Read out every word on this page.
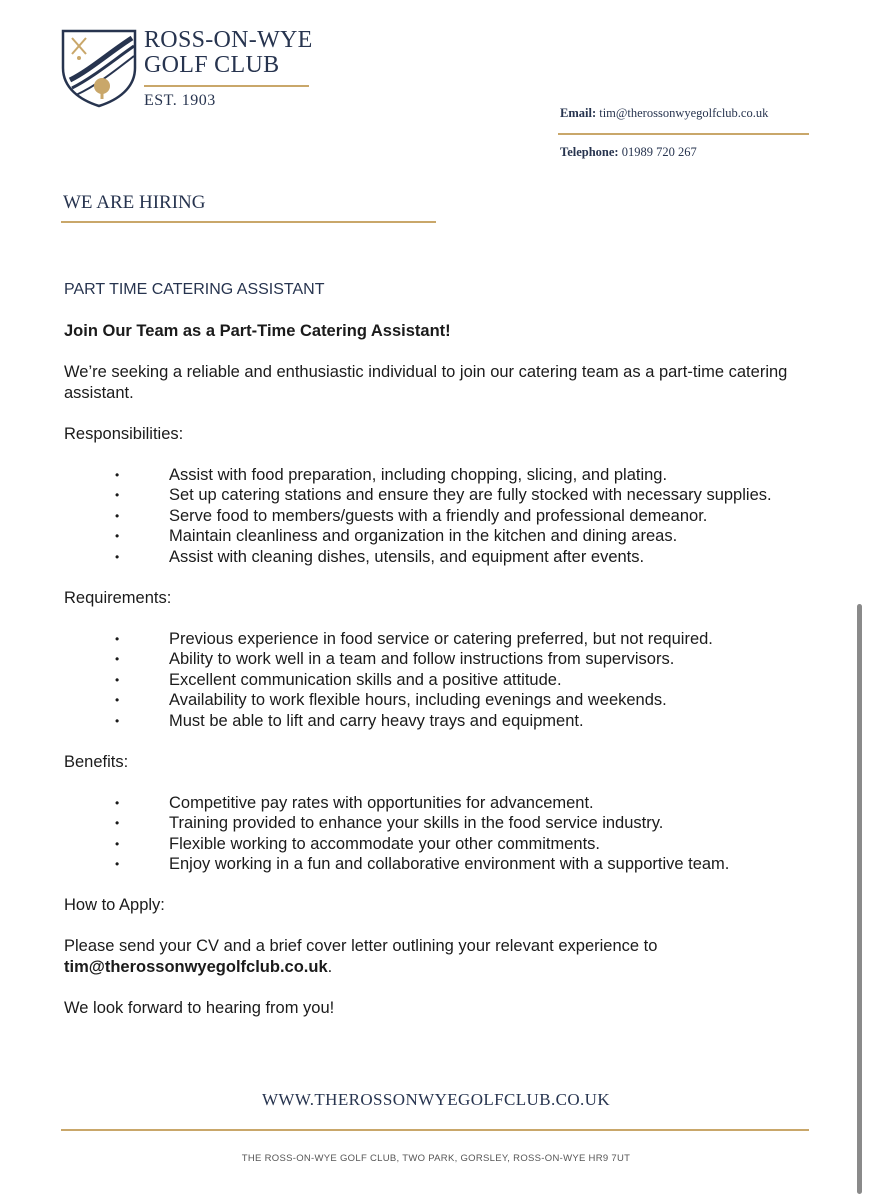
ROSS-ON-WYE
GOLF CLUB
EST. 1903
Email: tim@therossonwyegolfclub.co.uk
Telephone: 01989 720 267
WE ARE HIRING

PART TIME CATERING ASSISTANT

Join Our Team as a Part-Time Catering Assistant!

We’re seeking a reliable and enthusiastic individual to join our catering team as a part-time catering assistant.

Responsibilities:

•	Assist with food preparation, including chopping, slicing, and plating.
•	Set up catering stations and ensure they are fully stocked with necessary supplies.
•	Serve food to members/guests with a friendly and professional demeanor.
•	Maintain cleanliness and organization in the kitchen and dining areas.
•	Assist with cleaning dishes, utensils, and equipment after events.

Requirements:

•	Previous experience in food service or catering preferred, but not required.
•	Ability to work well in a team and follow instructions from supervisors.
•	Excellent communication skills and a positive attitude.
•	Availability to work flexible hours, including evenings and weekends.
•	Must be able to lift and carry heavy trays and equipment.

Benefits:

•	Competitive pay rates with opportunities for advancement.
•	Training provided to enhance your skills in the food service industry.
•	Flexible working to accommodate your other commitments.
•	Enjoy working in a fun and collaborative environment with a supportive team.

How to Apply:

Please send your CV and a brief cover letter outlining your relevant experience to
tim@therossonwyegolfclub.co.uk.

We look forward to hearing from you!

WWW.THEROSSONWYEGOLFCLUB.CO.UK
THE ROSS-ON-WYE GOLF CLUB, TWO PARK, GORSLEY, ROSS-ON-WYE HR9 7UT
